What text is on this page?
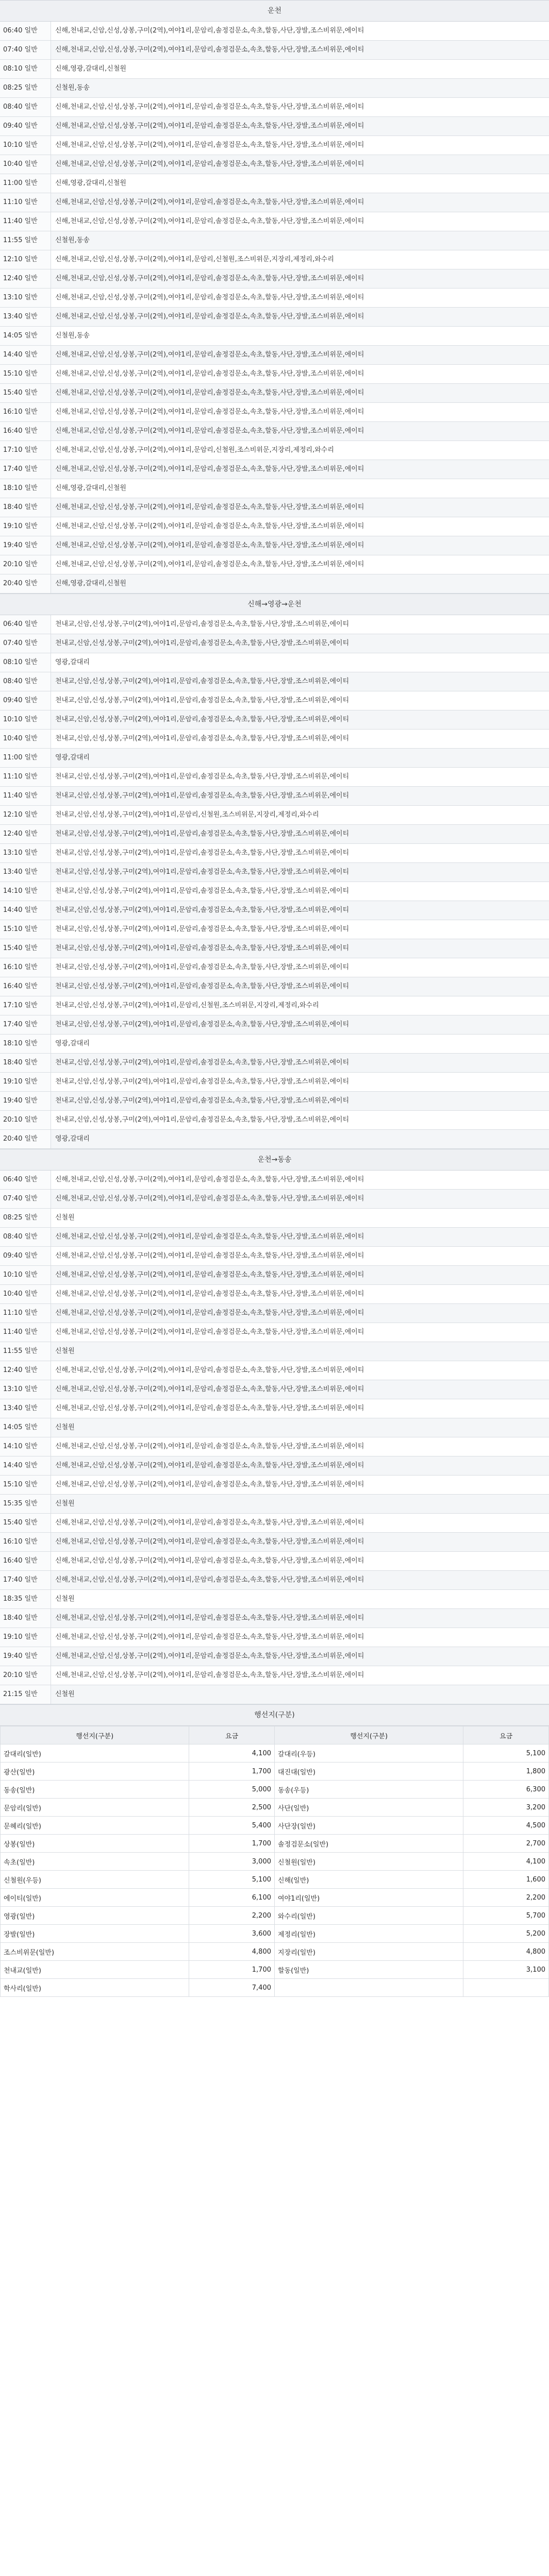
운천
06:40 일반	신해,천내교,신암,신성,상봉,구미(2역),여야1리,문암리,솔정검문소,속초,할동,사단,장발,조스비위문,에이티
07:40 일반	신해,천내교,신암,신성,상봉,구미(2역),여야1리,문암리,솔정검문소,속초,할동,사단,장발,조스비위문,에이티
08:10 일반	신해,영광,갈대리,신철원
08:25 일반	신철원,동송
08:40 일반	신해,천내교,신암,신성,상봉,구미(2역),여야1리,문암리,솔정검문소,속초,할동,사단,장발,조스비위문,에이티
09:40 일반	신해,천내교,신암,신성,상봉,구미(2역),여야1리,문암리,솔정검문소,속초,할동,사단,장발,조스비위문,에이티
10:10 일반	신해,천내교,신암,신성,상봉,구미(2역),여야1리,문암리,솔정검문소,속초,할동,사단,장발,조스비위문,에이티
10:40 일반	신해,천내교,신암,신성,상봉,구미(2역),여야1리,문암리,솔정검문소,속초,할동,사단,장발,조스비위문,에이티
11:00 일반	신해,영광,갈대리,신철원
11:10 일반	신해,천내교,신암,신성,상봉,구미(2역),여야1리,문암리,솔정검문소,속초,할동,사단,장발,조스비위문,에이티
11:40 일반	신해,천내교,신암,신성,상봉,구미(2역),여야1리,문암리,솔정검문소,속초,할동,사단,장발,조스비위문,에이티
11:55 일반	신철원,동송
12:10 일반	신해,천내교,신암,신성,상봉,구미(2역),여야1리,문암리,신철원,조스비위문,지장리,제정리,와수리
12:40 일반	신해,천내교,신암,신성,상봉,구미(2역),여야1리,문암리,솔정검문소,속초,할동,사단,장발,조스비위문,에이티
13:10 일반	신해,천내교,신암,신성,상봉,구미(2역),여야1리,문암리,솔정검문소,속초,할동,사단,장발,조스비위문,에이티
13:40 일반	신해,천내교,신암,신성,상봉,구미(2역),여야1리,문암리,솔정검문소,속초,할동,사단,장발,조스비위문,에이티
14:05 일반	신철원,동송
14:40 일반	신해,천내교,신암,신성,상봉,구미(2역),여야1리,문암리,솔정검문소,속초,할동,사단,장발,조스비위문,에이티
15:10 일반	신해,천내교,신암,신성,상봉,구미(2역),여야1리,문암리,솔정검문소,속초,할동,사단,장발,조스비위문,에이티
15:40 일반	신해,천내교,신암,신성,상봉,구미(2역),여야1리,문암리,솔정검문소,속초,할동,사단,장발,조스비위문,에이티
16:10 일반	신해,천내교,신암,신성,상봉,구미(2역),여야1리,문암리,솔정검문소,속초,할동,사단,장발,조스비위문,에이티
16:40 일반	신해,천내교,신암,신성,상봉,구미(2역),여야1리,문암리,솔정검문소,속초,할동,사단,장발,조스비위문,에이티
17:10 일반	신해,천내교,신암,신성,상봉,구미(2역),여야1리,문암리,신철원,조스비위문,지장리,제정리,와수리
17:40 일반	신해,천내교,신암,신성,상봉,구미(2역),여야1리,문암리,솔정검문소,속초,할동,사단,장발,조스비위문,에이티
18:10 일반	신해,영광,갈대리,신철원
18:40 일반	신해,천내교,신암,신성,상봉,구미(2역),여야1리,문암리,솔정검문소,속초,할동,사단,장발,조스비위문,에이티
19:10 일반	신해,천내교,신암,신성,상봉,구미(2역),여야1리,문암리,솔정검문소,속초,할동,사단,장발,조스비위문,에이티
19:40 일반	신해,천내교,신암,신성,상봉,구미(2역),여야1리,문암리,솔정검문소,속초,할동,사단,장발,조스비위문,에이티
20:10 일반	신해,천내교,신암,신성,상봉,구미(2역),여야1리,문암리,솔정검문소,속초,할동,사단,장발,조스비위문,에이티
20:40 일반	신해,영광,갈대리,신철원
신해→영광→운천
06:40 일반	천내교,신암,신성,상봉,구미(2역),여야1리,문암리,솔정검문소,속초,할동,사단,장발,조스비위문,에이티
07:40 일반	천내교,신암,신성,상봉,구미(2역),여야1리,문암리,솔정검문소,속초,할동,사단,장발,조스비위문,에이티
08:10 일반	영광,갈대리
08:40 일반	천내교,신암,신성,상봉,구미(2역),여야1리,문암리,솔정검문소,속초,할동,사단,장발,조스비위문,에이티
09:40 일반	천내교,신암,신성,상봉,구미(2역),여야1리,문암리,솔정검문소,속초,할동,사단,장발,조스비위문,에이티
10:10 일반	천내교,신암,신성,상봉,구미(2역),여야1리,문암리,솔정검문소,속초,할동,사단,장발,조스비위문,에이티
10:40 일반	천내교,신암,신성,상봉,구미(2역),여야1리,문암리,솔정검문소,속초,할동,사단,장발,조스비위문,에이티
11:00 일반	영광,갈대리
11:10 일반	천내교,신암,신성,상봉,구미(2역),여야1리,문암리,솔정검문소,속초,할동,사단,장발,조스비위문,에이티
11:40 일반	천내교,신암,신성,상봉,구미(2역),여야1리,문암리,솔정검문소,속초,할동,사단,장발,조스비위문,에이티
12:10 일반	천내교,신암,신성,상봉,구미(2역),여야1리,문암리,신철원,조스비위문,지장리,제정리,와수리
12:40 일반	천내교,신암,신성,상봉,구미(2역),여야1리,문암리,솔정검문소,속초,할동,사단,장발,조스비위문,에이티
13:10 일반	천내교,신암,신성,상봉,구미(2역),여야1리,문암리,솔정검문소,속초,할동,사단,장발,조스비위문,에이티
13:40 일반	천내교,신암,신성,상봉,구미(2역),여야1리,문암리,솔정검문소,속초,할동,사단,장발,조스비위문,에이티
14:10 일반	천내교,신암,신성,상봉,구미(2역),여야1리,문암리,솔정검문소,속초,할동,사단,장발,조스비위문,에이티
14:40 일반	천내교,신암,신성,상봉,구미(2역),여야1리,문암리,솔정검문소,속초,할동,사단,장발,조스비위문,에이티
15:10 일반	천내교,신암,신성,상봉,구미(2역),여야1리,문암리,솔정검문소,속초,할동,사단,장발,조스비위문,에이티
15:40 일반	천내교,신암,신성,상봉,구미(2역),여야1리,문암리,솔정검문소,속초,할동,사단,장발,조스비위문,에이티
16:10 일반	천내교,신암,신성,상봉,구미(2역),여야1리,문암리,솔정검문소,속초,할동,사단,장발,조스비위문,에이티
16:40 일반	천내교,신암,신성,상봉,구미(2역),여야1리,문암리,솔정검문소,속초,할동,사단,장발,조스비위문,에이티
17:10 일반	천내교,신암,신성,상봉,구미(2역),여야1리,문암리,신철원,조스비위문,지장리,제정리,와수리
17:40 일반	천내교,신암,신성,상봉,구미(2역),여야1리,문암리,솔정검문소,속초,할동,사단,장발,조스비위문,에이티
18:10 일반	영광,갈대리
18:40 일반	천내교,신암,신성,상봉,구미(2역),여야1리,문암리,솔정검문소,속초,할동,사단,장발,조스비위문,에이티
19:10 일반	천내교,신암,신성,상봉,구미(2역),여야1리,문암리,솔정검문소,속초,할동,사단,장발,조스비위문,에이티
19:40 일반	천내교,신암,신성,상봉,구미(2역),여야1리,문암리,솔정검문소,속초,할동,사단,장발,조스비위문,에이티
20:10 일반	천내교,신암,신성,상봉,구미(2역),여야1리,문암리,솔정검문소,속초,할동,사단,장발,조스비위문,에이티
20:40 일반	영광,갈대리
운천→동송
06:40 일반	신해,천내교,신암,신성,상봉,구미(2역),여야1리,문암리,솔정검문소,속초,할동,사단,장발,조스비위문,에이티
07:40 일반	신해,천내교,신암,신성,상봉,구미(2역),여야1리,문암리,솔정검문소,속초,할동,사단,장발,조스비위문,에이티
08:25 일반	신철원
08:40 일반	신해,천내교,신암,신성,상봉,구미(2역),여야1리,문암리,솔정검문소,속초,할동,사단,장발,조스비위문,에이티
09:40 일반	신해,천내교,신암,신성,상봉,구미(2역),여야1리,문암리,솔정검문소,속초,할동,사단,장발,조스비위문,에이티
10:10 일반	신해,천내교,신암,신성,상봉,구미(2역),여야1리,문암리,솔정검문소,속초,할동,사단,장발,조스비위문,에이티
10:40 일반	신해,천내교,신암,신성,상봉,구미(2역),여야1리,문암리,솔정검문소,속초,할동,사단,장발,조스비위문,에이티
11:10 일반	신해,천내교,신암,신성,상봉,구미(2역),여야1리,문암리,솔정검문소,속초,할동,사단,장발,조스비위문,에이티
11:40 일반	신해,천내교,신암,신성,상봉,구미(2역),여야1리,문암리,솔정검문소,속초,할동,사단,장발,조스비위문,에이티
11:55 일반	신철원
12:40 일반	신해,천내교,신암,신성,상봉,구미(2역),여야1리,문암리,솔정검문소,속초,할동,사단,장발,조스비위문,에이티
13:10 일반	신해,천내교,신암,신성,상봉,구미(2역),여야1리,문암리,솔정검문소,속초,할동,사단,장발,조스비위문,에이티
13:40 일반	신해,천내교,신암,신성,상봉,구미(2역),여야1리,문암리,솔정검문소,속초,할동,사단,장발,조스비위문,에이티
14:05 일반	신철원
14:10 일반	신해,천내교,신암,신성,상봉,구미(2역),여야1리,문암리,솔정검문소,속초,할동,사단,장발,조스비위문,에이티
14:40 일반	신해,천내교,신암,신성,상봉,구미(2역),여야1리,문암리,솔정검문소,속초,할동,사단,장발,조스비위문,에이티
15:10 일반	신해,천내교,신암,신성,상봉,구미(2역),여야1리,문암리,솔정검문소,속초,할동,사단,장발,조스비위문,에이티
15:35 일반	신철원
15:40 일반	신해,천내교,신암,신성,상봉,구미(2역),여야1리,문암리,솔정검문소,속초,할동,사단,장발,조스비위문,에이티
16:10 일반	신해,천내교,신암,신성,상봉,구미(2역),여야1리,문암리,솔정검문소,속초,할동,사단,장발,조스비위문,에이티
16:40 일반	신해,천내교,신암,신성,상봉,구미(2역),여야1리,문암리,솔정검문소,속초,할동,사단,장발,조스비위문,에이티
17:40 일반	신해,천내교,신암,신성,상봉,구미(2역),여야1리,문암리,솔정검문소,속초,할동,사단,장발,조스비위문,에이티
18:35 일반	신철원
18:40 일반	신해,천내교,신암,신성,상봉,구미(2역),여야1리,문암리,솔정검문소,속초,할동,사단,장발,조스비위문,에이티
19:10 일반	신해,천내교,신암,신성,상봉,구미(2역),여야1리,문암리,솔정검문소,속초,할동,사단,장발,조스비위문,에이티
19:40 일반	신해,천내교,신암,신성,상봉,구미(2역),여야1리,문암리,솔정검문소,속초,할동,사단,장발,조스비위문,에이티
20:10 일반	신해,천내교,신암,신성,상봉,구미(2역),여야1리,문암리,솔정검문소,속초,할동,사단,장발,조스비위문,에이티
21:15 일반	신철원
행선지(구분)
행선지(구분)	요금	행선지(구분)	요금
갈대리(일반)	4,100	갈대리(우등)	5,100
광산(일반)	1,700	대진대(일반)	1,800
동송(일반)	5,000	동송(우등)	6,300
문암리(일반)	2,500	사단(일반)	3,200
문혜리(일반)	5,400	사단장(일반)	4,500
상봉(일반)	1,700	솔정검문소(일반)	2,700
속초(일반)	3,000	신철원(일반)	4,100
신철원(우등)	5,100	신해(일반)	1,600
에이티(일반)	6,100	여야1리(일반)	2,200
영광(일반)	2,200	와수리(일반)	5,700
장발(일반)	3,600	제정리(일반)	5,200
조스비위문(일반)	4,800	지장리(일반)	4,800
천내교(일반)	1,700	할동(일반)	3,100
학사리(일반)	7,400		
